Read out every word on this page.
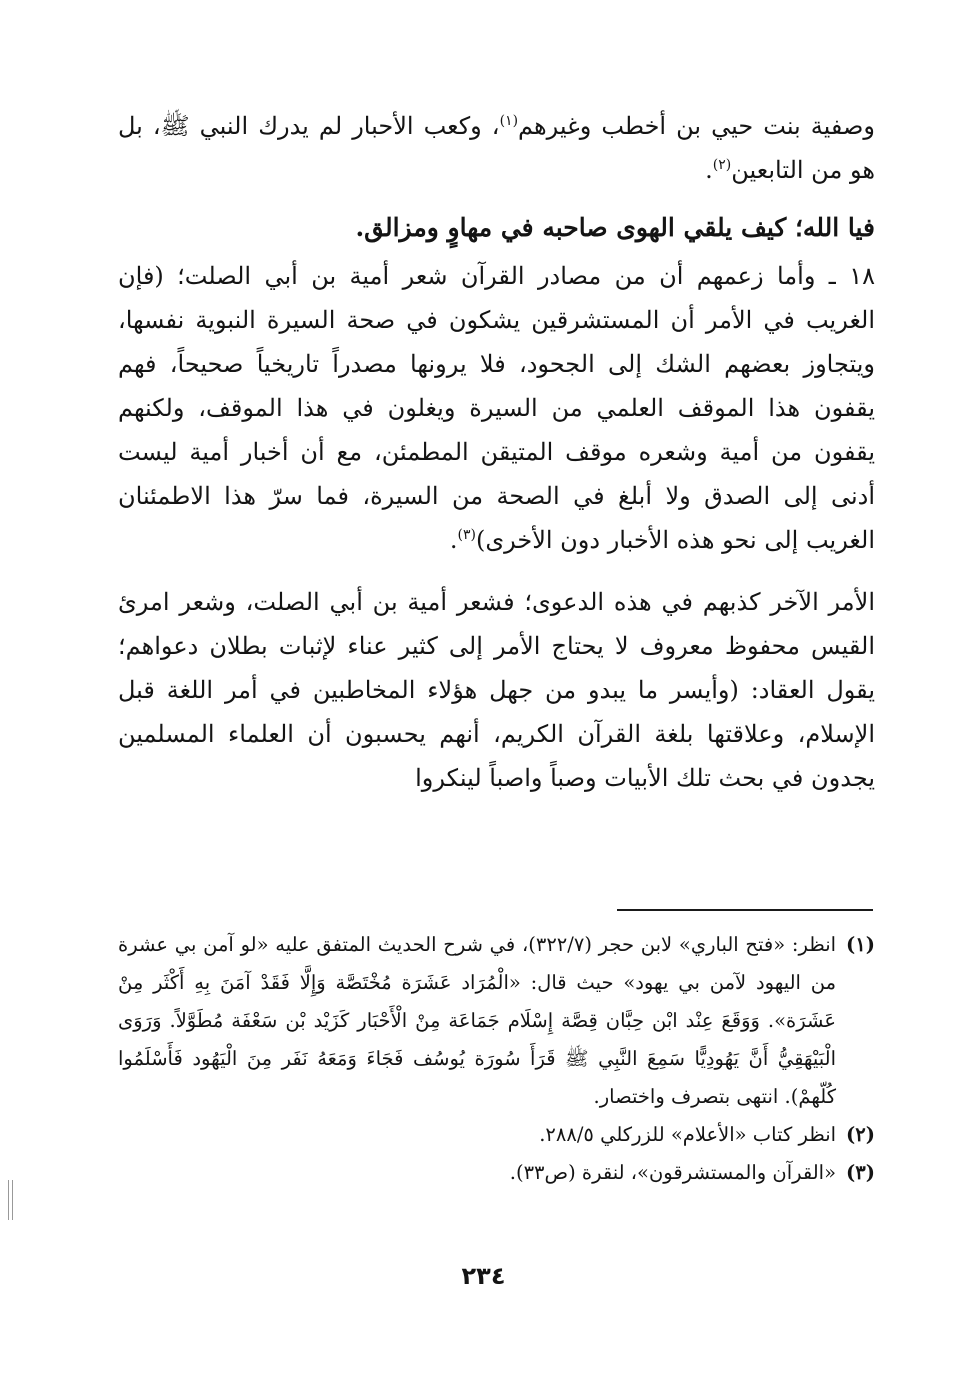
وصفية بنت حيي بن أخطب وغيرهم$^{(١)}$، وكعب الأحبار لم يدرك النبي ﷺ، بل هو من التابعين$^{(٢)}$.

فيا الله؛ كيف يلقي الهوى صاحبه في مهاوٍ ومزالق.

١٨ ـ وأما زعمهم أن من مصادر القرآن شعر أمية بن أبي الصلت؛ (فإن الغريب في الأمر أن المستشرقين يشكون في صحة السيرة النبوية نفسها، ويتجاوز بعضهم الشك إلى الجحود، فلا يرونها مصدراً تاريخياً صحيحاً، فهم يقفون هذا الموقف العلمي من السيرة ويغلون في هذا الموقف، ولكنهم يقفون من أمية وشعره موقف المتيقن المطمئن، مع أن أخبار أمية ليست أدنى إلى الصدق ولا أبلغ في الصحة من السيرة، فما سرّ هذا الاطمئنان الغريب إلى نحو هذه الأخبار دون الأخرى)$^{(٣)}$.

الأمر الآخر كذبهم في هذه الدعوى؛ فشعر أمية بن أبي الصلت، وشعر امرئ القيس محفوظ معروف لا يحتاج الأمر إلى كثير عناء لإثبات بطلان دعواهم؛ يقول العقاد: (وأيسر ما يبدو من جهل هؤلاء المخاطبين في أمر اللغة قبل الإسلام، وعلاقتها بلغة القرآن الكريم، أنهم يحسبون أن العلماء المسلمين يجدون في بحث تلك الأبيات وصباً واصباً لينكروا

(١)
انظر: «فتح الباري» لابن حجر (٣٢٢/٧)، في شرح الحديث المتفق عليه «لو آمن بي عشرة من اليهود لآمن بي يهود» حيث قال: «الْمُرَاد عَشَرَة مُخْتَصَّة وَإِلَّا فَقَدْ آمَنَ بِهِ أَكْثَر مِنْ عَشَرَة». وَوَقَعَ عِنْد ابْن حِبَّان قِصَّة إِسْلَام جَمَاعَة مِنْ الْأَحْبَار كَزَيْد بْن سَعْفَة مُطَوَّلاً. وَرَوَى الْبَيْهَقِيُّ أَنَّ يَهُودِيًّا سَمِعَ النَّبِي ﷺ قَرَأَ سُورَة يُوسُف فَجَاءَ وَمَعَهُ نَفَر مِنَ الْيَهُود فَأَسْلَمُوا كُلّهمْ). انتهى بتصرف واختصار.
(٢)
انظر كتاب «الأعلام» للزركلي ٢٨٨/٥.
(٣)
«القرآن والمستشرقون»، لنقرة (ص٣٣).
٢٣٤
